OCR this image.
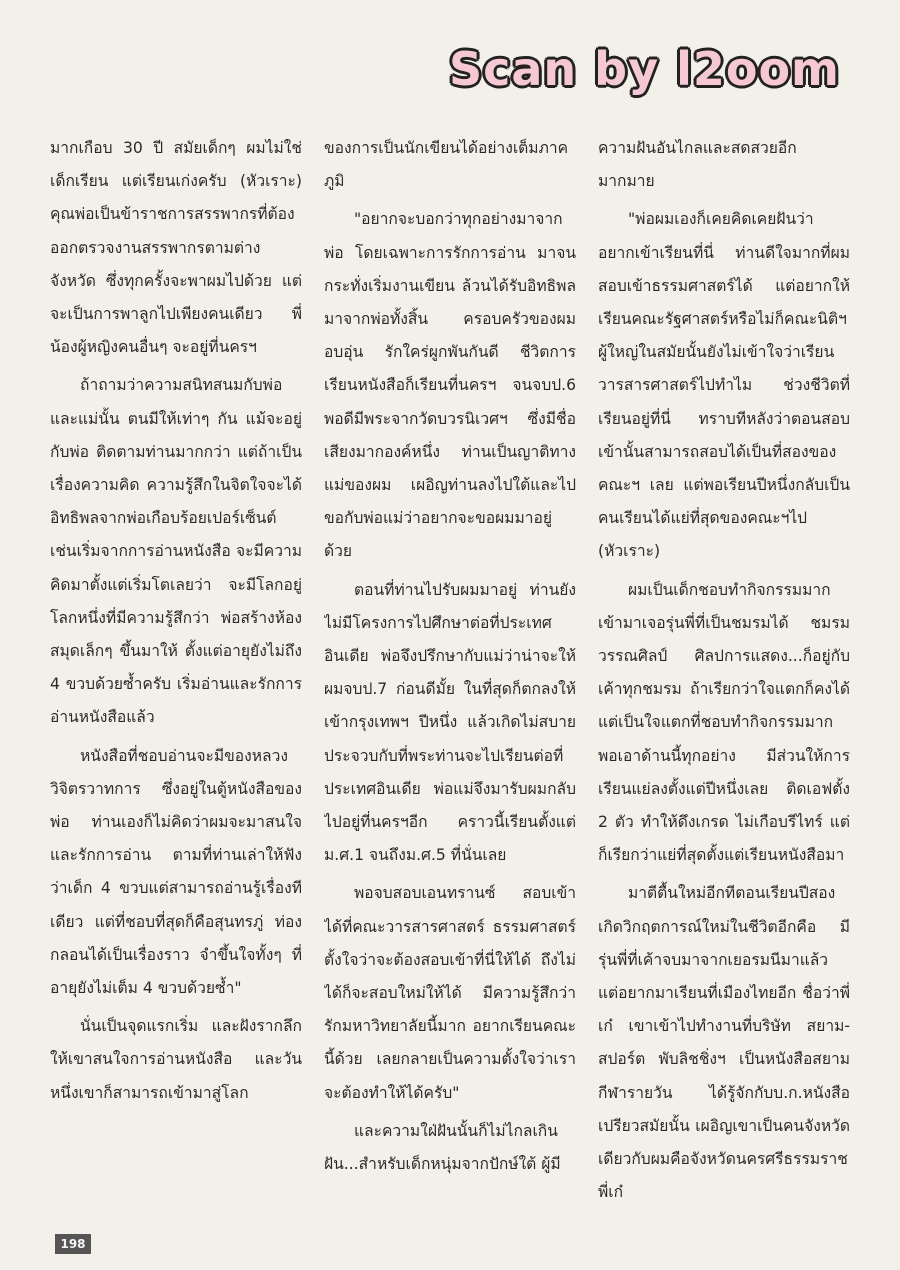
Scan by l2oom

มากเกือบ 30 ปี สมัยเด็กๆ ผมไม่ใช่เด็กเรียน แต่เรียนเก่งครับ (หัวเราะ) คุณพ่อเป็นข้าราชการสรรพากรที่ต้องออกตรวจงานสรรพากรตามต่างจังหวัด ซึ่งทุกครั้งจะพาผมไปด้วย แต่จะเป็นการพาลูกไปเพียงคนเดียว พี่น้องผู้หญิงคนอื่นๆ จะอยู่ที่นครฯ

ถ้าถามว่าความสนิทสนมกับพ่อและแม่นั้น ตนมีให้เท่าๆ กัน แม้จะอยู่กับพ่อ ติดตามท่านมากกว่า แต่ถ้าเป็นเรื่องความคิด ความรู้สึกในจิตใจจะได้อิทธิพลจากพ่อเกือบร้อยเปอร์เซ็นต์เช่นเริ่มจากการอ่านหนังสือ จะมีความคิดมาตั้งแต่เริ่มโตเลยว่า จะมีโลกอยู่โลกหนึ่งที่มีความรู้สึกว่า พ่อสร้างห้องสมุดเล็กๆ ขึ้นมาให้ ตั้งแต่อายุยังไม่ถึง 4 ขวบด้วยซ้ำครับ เริ่มอ่านและรักการอ่านหนังสือแล้ว

หนังสือที่ชอบอ่านจะมีของหลวงวิจิตรวาทการ ซึ่งอยู่ในตู้หนังสือของพ่อ ท่านเองก็ไม่คิดว่าผมจะมาสนใจและรักการอ่าน ตามที่ท่านเล่าให้ฟังว่าเด็ก 4 ขวบแต่สามารถอ่านรู้เรื่องทีเดียว แต่ที่ชอบที่สุดก็คือสุนทรภู่ ท่องกลอนได้เป็นเรื่องราว จำขึ้นใจทั้งๆ ที่อายุยังไม่เต็ม 4 ขวบด้วยซ้ำ"

นั่นเป็นจุดแรกเริ่ม และฝังรากลึกให้เขาสนใจการอ่านหนังสือ และวันหนึ่งเขาก็สามารถเข้ามาสู่โลก

ของการเป็นนักเขียนได้อย่างเต็มภาคภูมิ

"อยากจะบอกว่าทุกอย่างมาจากพ่อ โดยเฉพาะการรักการอ่าน มาจนกระทั่งเริ่มงานเขียน ล้วนได้รับอิทธิพลมาจากพ่อทั้งสิ้น ครอบครัวของผมอบอุ่น รักใคร่ผูกพันกันดี ชีวิตการเรียนหนังสือก็เรียนที่นครฯ จนจบป.6 พอดีมีพระจากวัดบวรนิเวศฯ ซึ่งมีชื่อเสียงมากองค์หนึ่ง ท่านเป็นญาติทางแม่ของผม เผอิญท่านลงไปใต้และไปขอกับพ่อแม่ว่าอยากจะขอผมมาอยู่ด้วย

ตอนที่ท่านไปรับผมมาอยู่ ท่านยังไม่มีโครงการไปศึกษาต่อที่ประเทศอินเดีย พ่อจึงปรึกษากับแม่ว่าน่าจะให้ผมจบป.7 ก่อนดีมั้ย ในที่สุดก็ตกลงให้เข้ากรุงเทพฯ ปีหนึ่ง แล้วเกิดไม่สบายประจวบกับที่พระท่านจะไปเรียนต่อที่ประเทศอินเดีย พ่อแม่จึงมารับผมกลับไปอยู่ที่นครฯอีก คราวนี้เรียนตั้งแต่ ม.ศ.1 จนถึงม.ศ.5 ที่นั่นเลย

พอจบสอบเอนทรานซ์ สอบเข้าได้ที่คณะวารสารศาสตร์ ธรรมศาสตร์ ตั้งใจว่าจะต้องสอบเข้าที่นี่ให้ได้ ถึงไม่ได้ก็จะสอบใหม่ให้ได้ มีความรู้สึกว่ารักมหาวิทยาลัยนี้มาก อยากเรียนคณะนี้ด้วย เลยกลายเป็นความตั้งใจว่าเราจะต้องทำให้ได้ครับ"

และความใฝ่ฝันนั้นก็ไม่ไกลเกินฝัน...สำหรับเด็กหนุ่มจากปักษ์ใต้ ผู้มี

ความฝันอันไกลและสดสวยอีกมากมาย

"พ่อผมเองก็เคยคิดเคยฝันว่าอยากเข้าเรียนที่นี่ ท่านดีใจมากที่ผมสอบเข้าธรรมศาสตร์ได้ แต่อยากให้เรียนคณะรัฐศาสตร์หรือไม่ก็คณะนิติฯ ผู้ใหญ่ในสมัยนั้นยังไม่เข้าใจว่าเรียนวารสารศาสตร์ไปทำไม ช่วงชีวิตที่เรียนอยู่ที่นี่ ทราบทีหลังว่าตอนสอบเข้านั้นสามารถสอบได้เป็นที่สองของคณะฯ เลย แต่พอเรียนปีหนึ่งกลับเป็นคนเรียนได้แย่ที่สุดของคณะฯไป (หัวเราะ)

ผมเป็นเด็กชอบทำกิจกรรมมากเข้ามาเจอรุ่นพี่ที่เป็นชมรมได้ ชมรมวรรณศิลป์ ศิลปการแสดง...ก็อยู่กับเค้าทุกชมรม ถ้าเรียกว่าใจแตกก็คงได้ แต่เป็นใจแตกที่ชอบทำกิจกรรมมาก พอเอาด้านนี้ทุกอย่าง มีส่วนให้การเรียนแย่ลงตั้งแต่ปีหนึ่งเลย ติดเอฟตั้ง 2 ตัว ทำให้ดึงเกรด ไม่เกือบรีไทร์ แต่ก็เรียกว่าแย่ที่สุดตั้งแต่เรียนหนังสือมา

มาตีตื้นใหม่อีกทีตอนเรียนปีสอง เกิดวิกฤตการณ์ใหม่ในชีวิตอีกคือ มีรุ่นพี่ที่เค้าจบมาจากเยอรมนีมาแล้ว แต่อยากมาเรียนที่เมืองไทยอีก ชื่อว่าพี่เก๋ เขาเข้าไปทำงานที่บริษัท สยาม-สปอร์ต พับลิชชิ่งฯ เป็นหนังสือสยามกีฬารายวัน ได้รู้จักกับบ.ก.หนังสือเปรียวสมัยนั้น เผอิญเขาเป็นคนจังหวัดเดียวกับผมคือจังหวัดนครศรีธรรมราช พี่เก๋

198
